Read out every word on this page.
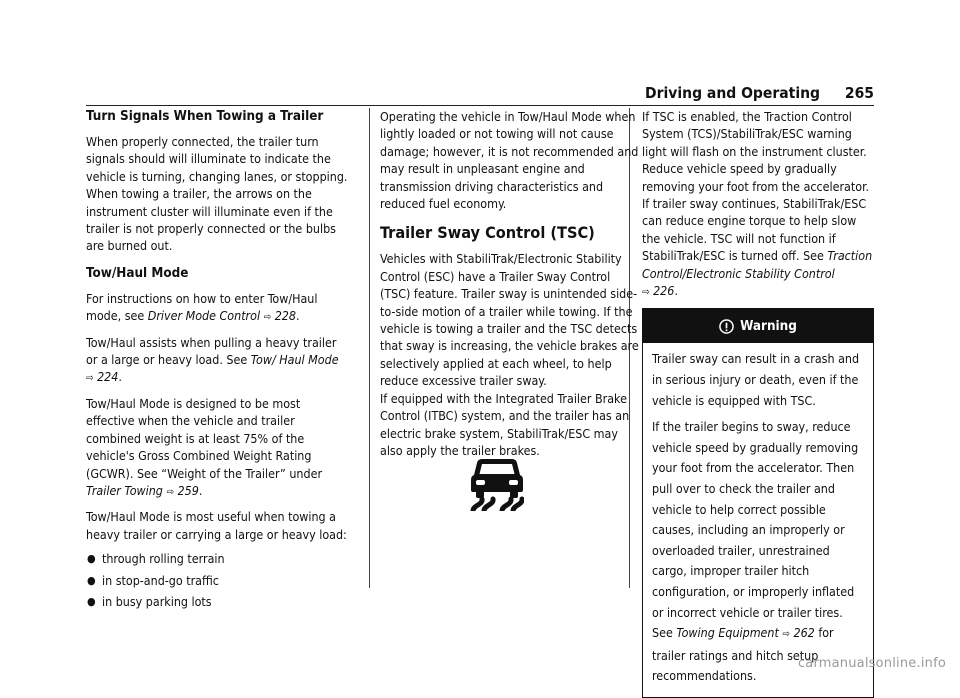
Driving and Operating 265
Turn Signals When Towing a Trailer

When properly connected, the trailer turn signals should will illuminate to indicate the vehicle is turning, changing lanes, or stopping. When towing a trailer, the arrows on the instrument cluster will illuminate even if the trailer is not properly connected or the bulbs are burned out.

Tow/Haul Mode

For instructions on how to enter Tow/Haul mode, see Driver Mode Control ⇨ 228.

Tow/Haul assists when pulling a heavy trailer or a large or heavy load. See Tow/ Haul Mode ⇨ 224.

Tow/Haul Mode is designed to be most effective when the vehicle and trailer combined weight is at least 75% of the vehicle's Gross Combined Weight Rating (GCWR). See “Weight of the Trailer” under Trailer Towing ⇨ 259.

Tow/Haul Mode is most useful when towing a heavy trailer or carrying a large or heavy load:

● through rolling terrain
● in stop-and-go traffic
● in busy parking lots

Operating the vehicle in Tow/Haul Mode when lightly loaded or not towing will not cause damage; however, it is not recommended and may result in unpleasant engine and transmission driving characteristics and reduced fuel economy.

Trailer Sway Control (TSC)

Vehicles with StabiliTrak/Electronic Stability Control (ESC) have a Trailer Sway Control (TSC) feature. Trailer sway is unintended side-to-side motion of a trailer while towing. If the vehicle is towing a trailer and the TSC detects that sway is increasing, the vehicle brakes are selectively applied at each wheel, to help reduce excessive trailer sway.

If equipped with the Integrated Trailer Brake Control (ITBC) system, and the trailer has an electric brake system, StabiliTrak/ESC may also apply the trailer brakes.

If TSC is enabled, the Traction Control System (TCS)/StabiliTrak/ESC warning light will flash on the instrument cluster. Reduce vehicle speed by gradually removing your foot from the accelerator. If trailer sway continues, StabiliTrak/ESC can reduce engine torque to help slow the vehicle. TSC will not function if StabiliTrak/ESC is turned off. See Traction Control/Electronic Stability Control
⇨ 226.

Warning

Trailer sway can result in a crash and in serious injury or death, even if the vehicle is equipped with TSC.

If the trailer begins to sway, reduce vehicle speed by gradually removing your foot from the accelerator. Then pull over to check the trailer and vehicle to help correct possible causes, including an improperly or overloaded trailer, unrestrained cargo, improper trailer hitch configuration, or improperly inflated or incorrect vehicle or trailer tires. See Towing Equipment ⇨ 262 for trailer ratings and hitch setup recommendations.

carmanualsonline.info
